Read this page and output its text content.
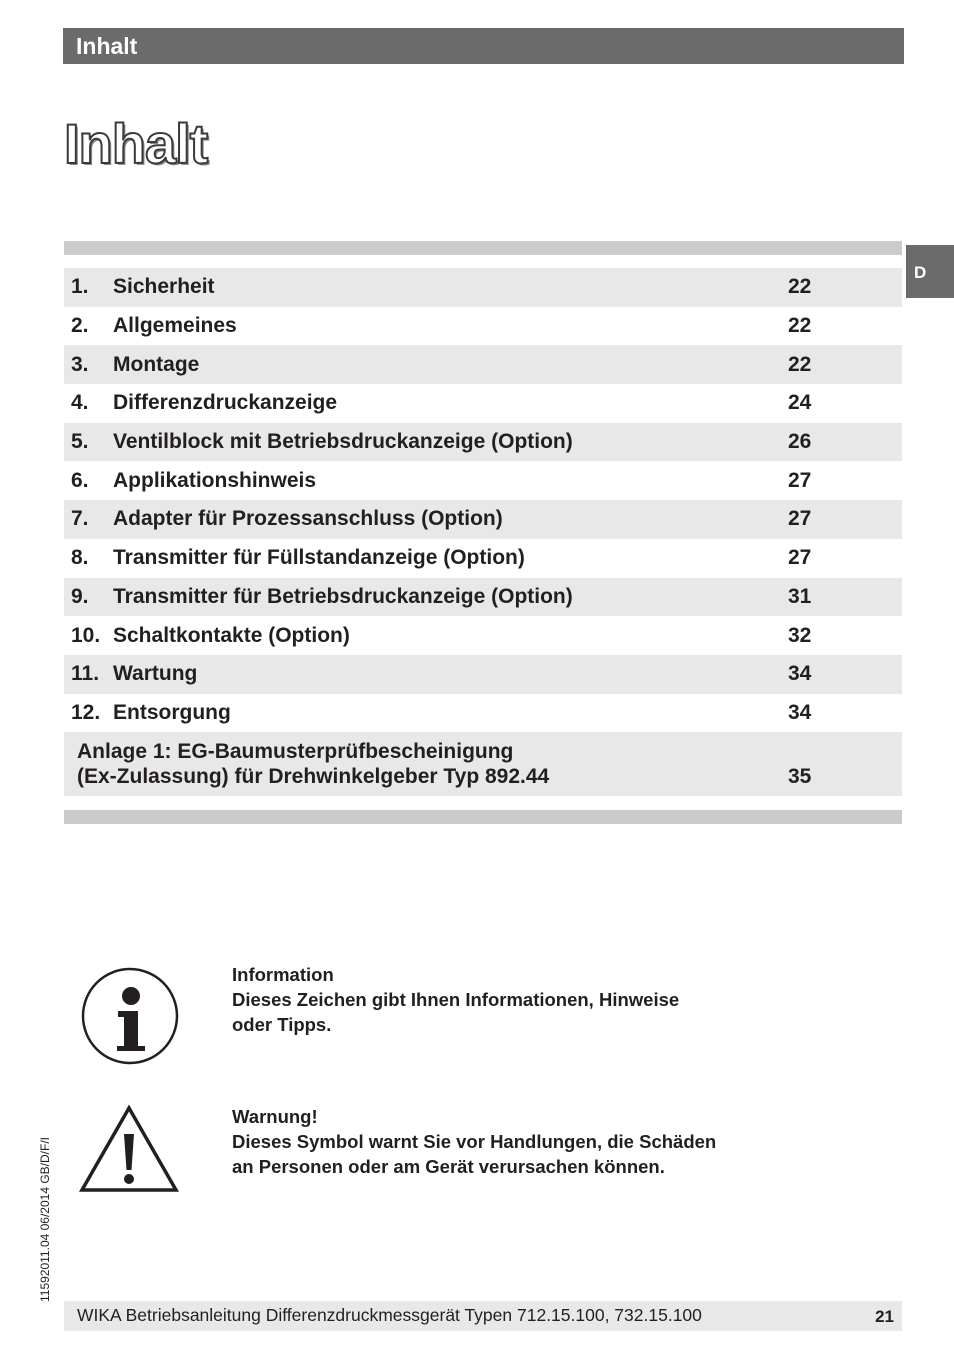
Inhalt
Inhalt
D
1. Sicherheit	22
2. Allgemeines	22
3. Montage	22
4. Differenzdruckanzeige	24
5. Ventilblock mit Betriebsdruckanzeige (Option)	26
6. Applikationshinweis	27
7. Adapter für Prozessanschluss (Option)	27
8. Transmitter für Füllstandanzeige (Option)	27
9. Transmitter für Betriebsdruckanzeige (Option)	31
10. Schaltkontakte (Option)	32
11. Wartung	34
12. Entsorgung	34
Anlage 1: EG-Baumusterprüfbescheinigung
(Ex-Zulassung) für Drehwinkelgeber Typ 892.44	35
Information
Dieses Zeichen gibt Ihnen Informationen, Hinweise
oder Tipps.
Warnung!
Dieses Symbol warnt Sie vor Handlungen, die Schäden
an Personen oder am Gerät verursachen können.
11592011.04 06/2014 GB/D/F/I
WIKA Betriebsanleitung Differenzdruckmessgerät Typen 712.15.100, 732.15.100	21
